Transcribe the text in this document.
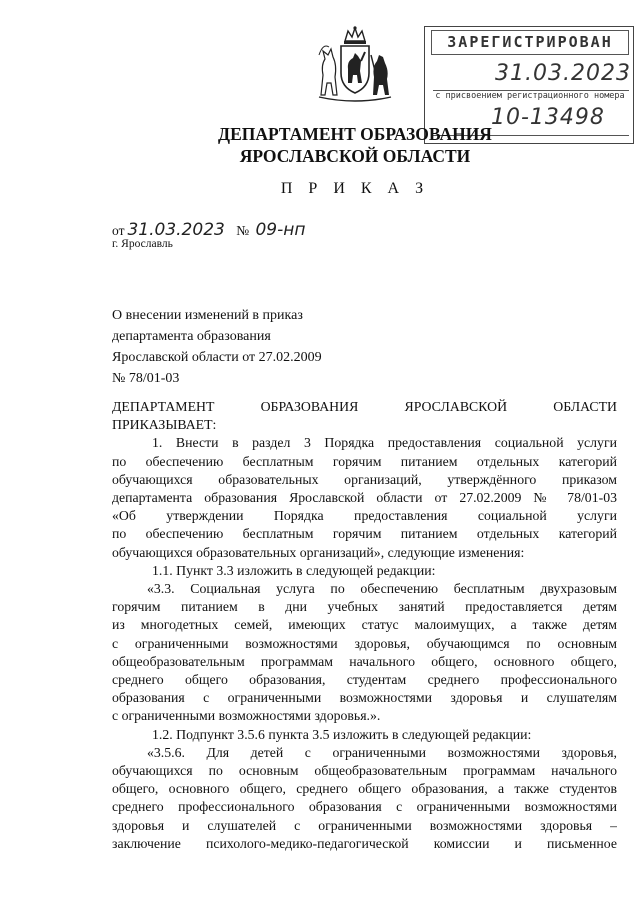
ЗАРЕГИСТРИРОВАН
31.03.2023
с присвоением регистрационного номера
10-13498
ДЕПАРТАМЕНТ ОБРАЗОВАНИЯ
ЯРОСЛАВСКОЙ ОБЛАСТИ
П Р И К А З
от 31.03.2023 № 09-нп
г. Ярославль
О внесении изменений в приказ
департамента образования
Ярославской области от 27.02.2009
№ 78/01-03
ДЕПАРТАМЕНТ ОБРАЗОВАНИЯ ЯРОСЛАВСКОЙ ОБЛАСТИ
ПРИКАЗЫВАЕТ:
1. Внести в раздел 3 Порядка предоставления социальной услуги
по обеспечению бесплатным горячим питанием отдельных категорий
обучающихся образовательных организаций, утверждённого приказом
департамента образования Ярославской области от 27.02.2009 № 78/01-03
«Об утверждении Порядка предоставления социальной услуги
по обеспечению бесплатным горячим питанием отдельных категорий
обучающихся образовательных организаций», следующие изменения:
1.1. Пункт 3.3 изложить в следующей редакции:
«3.3. Социальная услуга по обеспечению бесплатным двухразовым
горячим питанием в дни учебных занятий предоставляется детям
из многодетных семей, имеющих статус малоимущих, а также детям
с ограниченными возможностями здоровья, обучающимся по основным
общеобразовательным программам начального общего, основного общего,
среднего общего образования, студентам среднего профессионального
образования с ограниченными возможностями здоровья и слушателям
с ограниченными возможностями здоровья.».
1.2. Подпункт 3.5.6 пункта 3.5 изложить в следующей редакции:
«3.5.6. Для детей с ограниченными возможностями здоровья,
обучающихся по основным общеобразовательным программам начального
общего, основного общего, среднего общего образования, а также студентов
среднего профессионального образования с ограниченными возможностями
здоровья и слушателей с ограниченными возможностями здоровья –
заключение психолого-медико-педагогической комиссии и письменное
